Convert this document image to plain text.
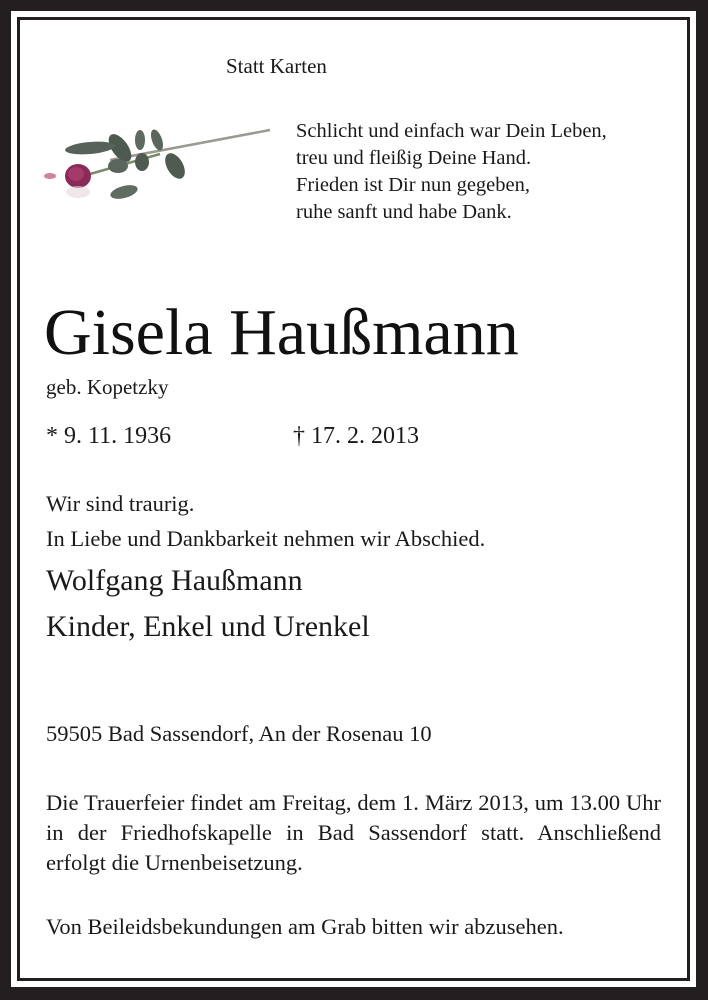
Statt Karten
Schlicht und einfach war Dein Leben,
treu und fleißig Deine Hand.
Frieden ist Dir nun gegeben,
ruhe sanft und habe Dank.
Gisela Haußmann
geb. Kopetzky
* 9. 11. 1936	† 17. 2. 2013
Wir sind traurig.
In Liebe und Dankbarkeit nehmen wir Abschied.
Wolfgang Haußmann
Kinder, Enkel und Urenkel
59505 Bad Sassendorf, An der Rosenau 10
Die Trauerfeier findet am Freitag, dem 1. März 2013, um 13.00 Uhr in der Friedhofskapelle in Bad Sassendorf statt. Anschließend erfolgt die Urnenbeisetzung.
Von Beileidsbekundungen am Grab bitten wir abzusehen.
